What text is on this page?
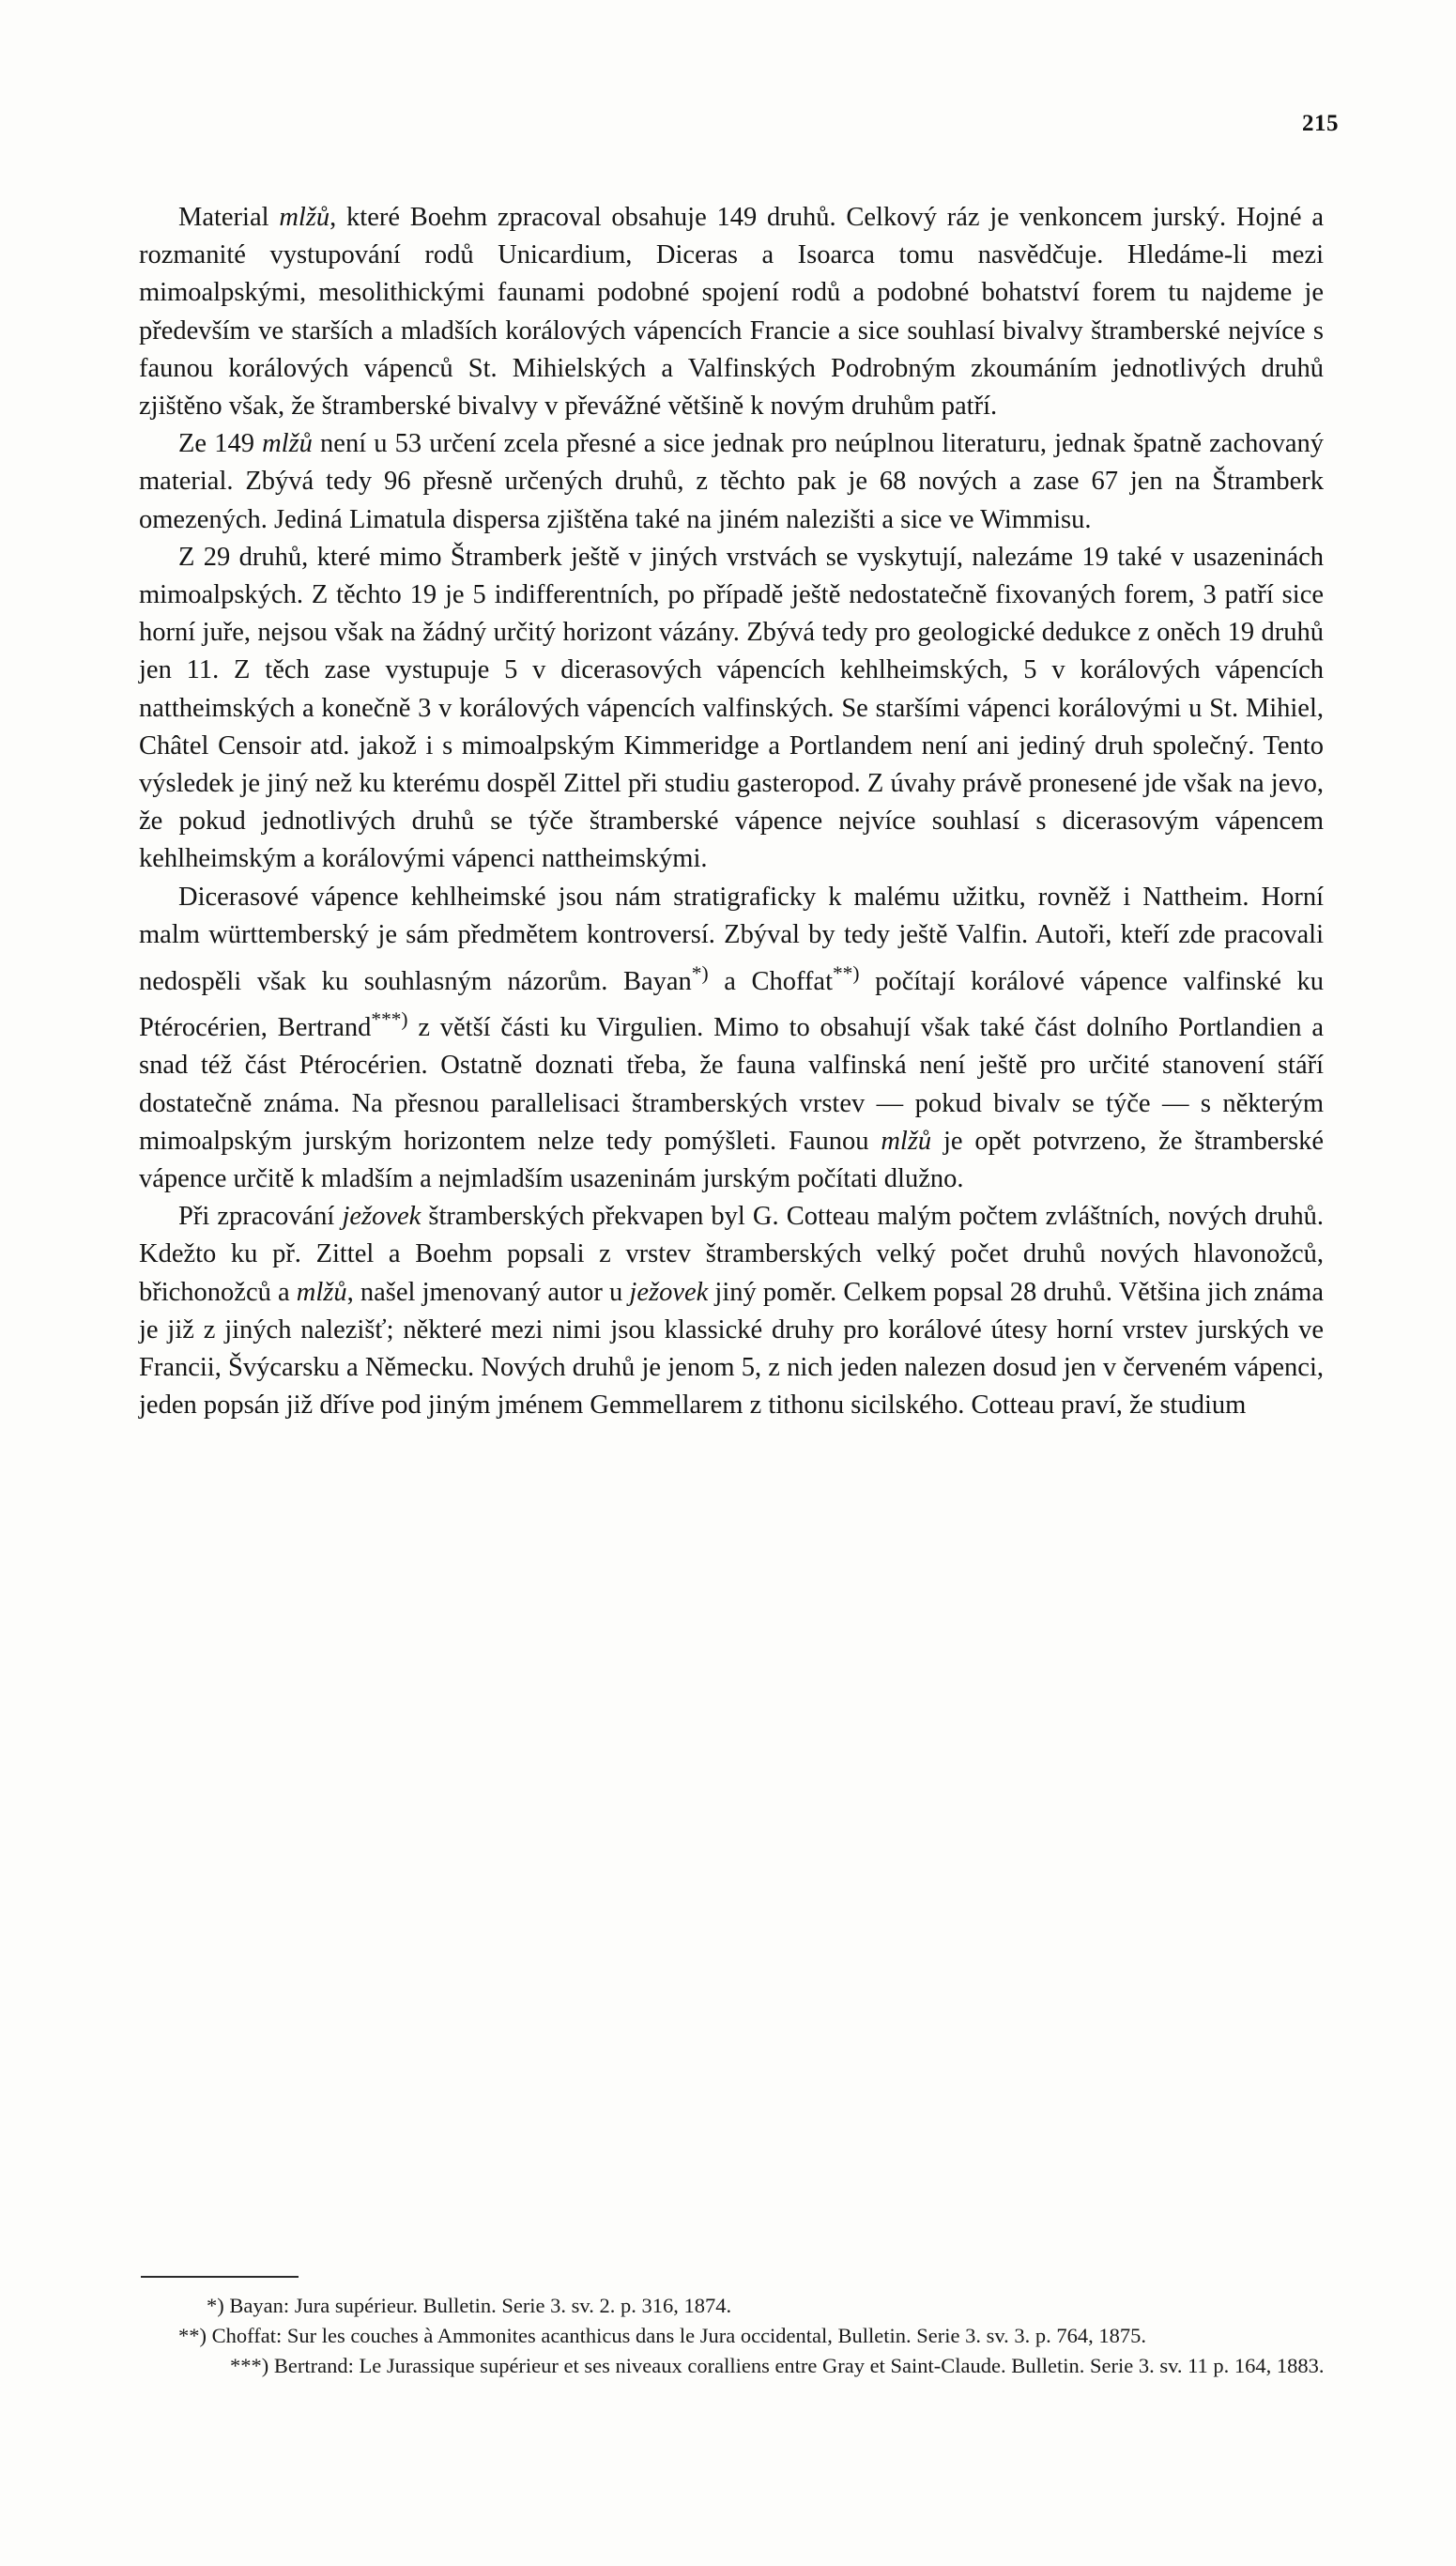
215

Material mlžů, které Boehm zpracoval obsahuje 149 druhů. Celkový ráz je venkoncem jurský. Hojné a rozmanité vystupování rodů Unicardium, Diceras a Isoarca tomu nasvědčuje. Hledáme-li mezi mimoalpskými, mesolithickými faunami podobné spojení rodů a podobné bohatství forem tu najdeme je především ve starších a mladších korálových vápencích Francie a sice souhlasí bivalvy štramberské nejvíce s faunou korálových vápenců St. Mihielských a Valfinských Podrobným zkoumáním jednotlivých druhů zjištěno však, že štramberské bivalvy v převážné většině k novým druhům patří.

Ze 149 mlžů není u 53 určení zcela přesné a sice jednak pro neúplnou literaturu, jednak špatně zachovaný material. Zbývá tedy 96 přesně určených druhů, z těchto pak je 68 nových a zase 67 jen na Štramberk omezených. Jediná Limatula dispersa zjištěna také na jiném nalezišti a sice ve Wimmisu.

Z 29 druhů, které mimo Štramberk ještě v jiných vrstvách se vyskytují, nalezáme 19 také v usazeninách mimoalpských. Z těchto 19 je 5 indifferentních, po případě ještě nedostatečně fixovaných forem, 3 patří sice horní juře, nejsou však na žádný určitý horizont vázány. Zbývá tedy pro geologické dedukce z oněch 19 druhů jen 11. Z těch zase vystupuje 5 v dicerasových vápencích kehlheimských, 5 v korálových vápencích nattheimských a konečně 3 v korálových vápencích valfinských. Se staršími vápenci korálovými u St. Mihiel, Châtel Censoir atd. jakož i s mimoalpským Kimmeridge a Portlandem není ani jediný druh společný. Tento výsledek je jiný než ku kterému dospěl Zittel při studiu gasteropod. Z úvahy právě pronesené jde však na jevo, že pokud jednotlivých druhů se týče štramberské vápence nejvíce souhlasí s dicerasovým vápencem kehlheimským a korálovými vápenci nattheimskými.

Dicerasové vápence kehlheimské jsou nám stratigraficky k malému užitku, rovněž i Nattheim. Horní malm württemberský je sám předmětem kontroversí. Zbýval by tedy ještě Valfin. Autoři, kteří zde pracovali nedospěli však ku souhlasným názorům. Bayan*) a Choffat**) počítají korálové vápence valfinské ku Ptérocérien, Bertrand***) z větší části ku Virgulien. Mimo to obsahují však také část dolního Portlandien a snad též část Ptérocérien. Ostatně doznati třeba, že fauna valfinská není ještě pro určité stanovení stáří dostatečně známa. Na přesnou parallelisaci štramberských vrstev — pokud bivalv se týče — s některým mimoalpským jurským horizontem nelze tedy pomýšleti. Faunou mlžů je opět potvrzeno, že štramberské vápence určitě k mladším a nejmladším usazeninám jurským počítati dlužno.

Při zpracování ježovek štramberských překvapen byl G. Cotteau malým počtem zvláštních, nových druhů. Kdežto ku př. Zittel a Boehm popsali z vrstev štramberských velký počet druhů nových hlavonožců, břichonožců a mlžů, našel jmenovaný autor u ježovek jiný poměr. Celkem popsal 28 druhů. Většina jich známa je již z jiných nalezišť; některé mezi nimi jsou klassické druhy pro korálové útesy horní vrstev jurských ve Francii, Švýcarsku a Německu. Nových druhů je jenom 5, z nich jeden nalezen dosud jen v červeném vápenci, jeden popsán již dříve pod jiným jménem Gemmellarem z tithonu sicilského. Cotteau praví, že studium

*) Bayan: Jura supérieur. Bulletin. Serie 3. sv. 2. p. 316, 1874.

**) Choffat: Sur les couches à Ammonites acanthicus dans le Jura occidental, Bulletin. Serie 3. sv. 3. p. 764, 1875.

***) Bertrand: Le Jurassique supérieur et ses niveaux coralliens entre Gray et Saint-Claude. Bulletin. Serie 3. sv. 11 p. 164, 1883.
